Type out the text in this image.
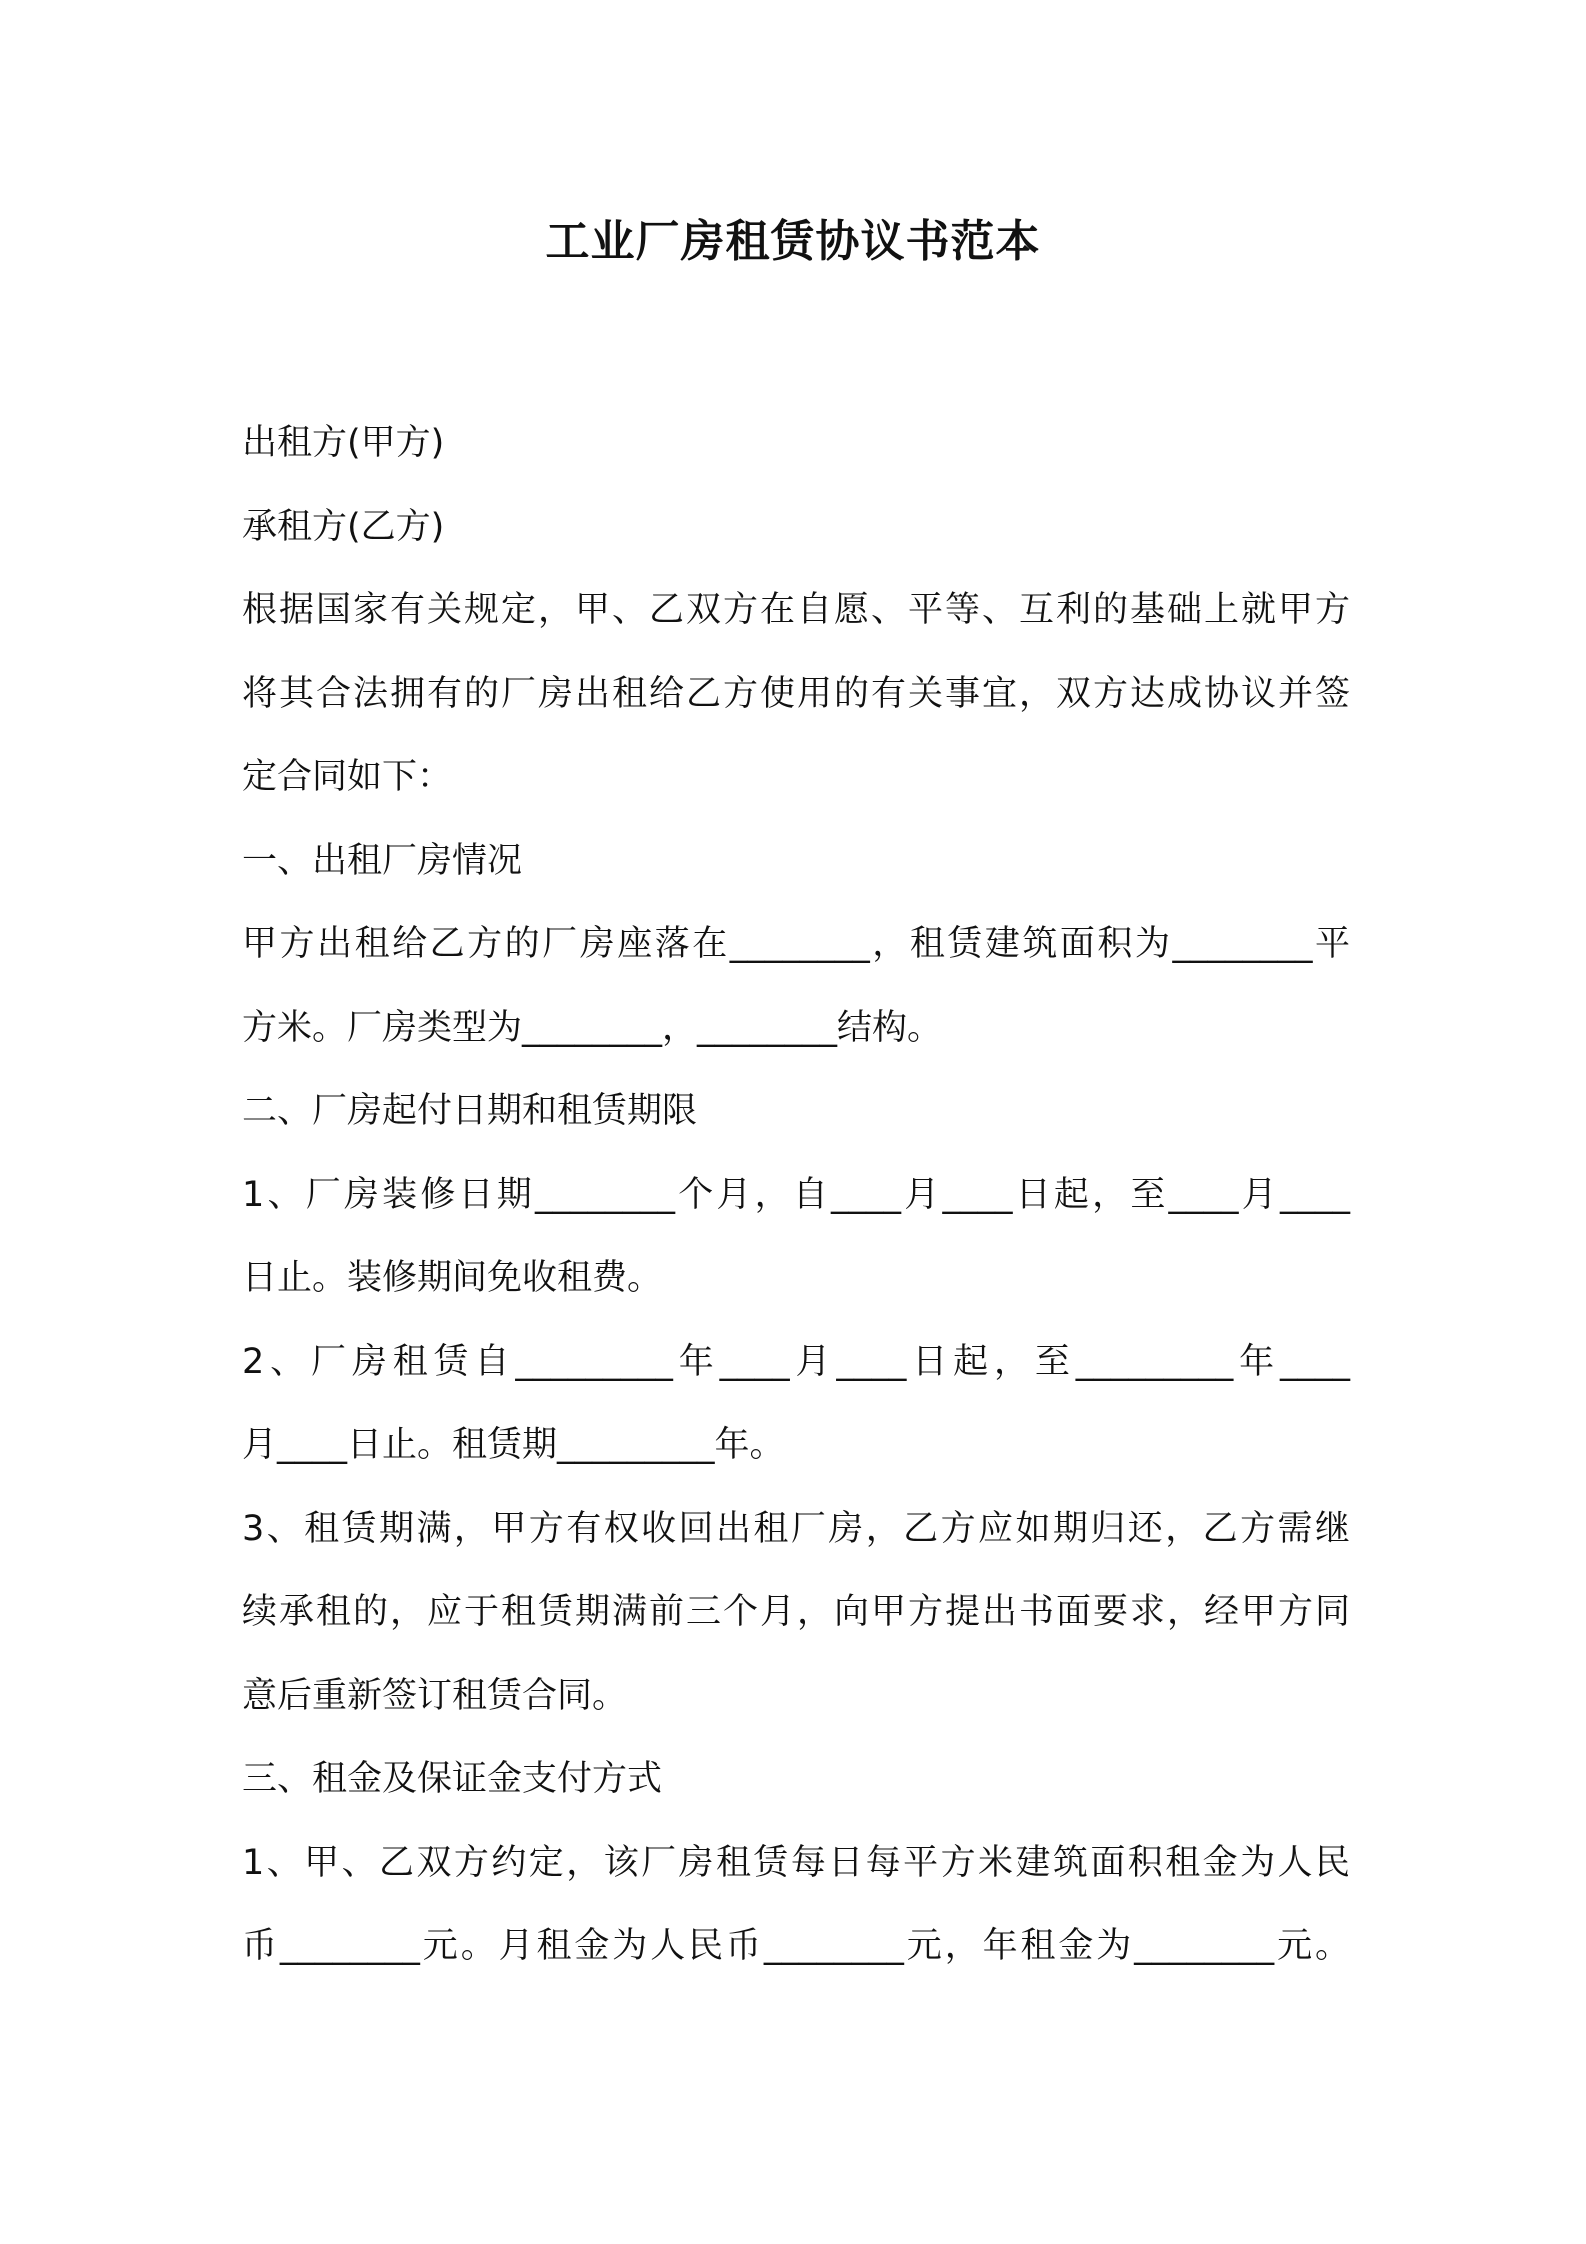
工业厂房租赁协议书范本

出租方(甲方)

承租方(乙方)

根据国家有关规定，甲、乙双方在自愿、平等、互利的基础上就甲方

将其合法拥有的厂房出租给乙方使用的有关事宜，双方达成协议并签

定合同如下：

一、出租厂房情况

甲方出租给乙方的厂房座落在________，租赁建筑面积为________平

方米。厂房类型为________，________结构。

二、厂房起付日期和租赁期限

1、厂房装修日期________个月，自____月____日起，至____月____

日止。装修期间免收租费。

2、厂房租赁自_________年____月____日起，至_________年____

月____日止。租赁期_________年。

3、租赁期满，甲方有权收回出租厂房，乙方应如期归还，乙方需继

续承租的，应于租赁期满前三个月，向甲方提出书面要求，经甲方同

意后重新签订租赁合同。

三、租金及保证金支付方式

1、甲、乙双方约定，该厂房租赁每日每平方米建筑面积租金为人民

币________元。月租金为人民币________元，年租金为________元。
